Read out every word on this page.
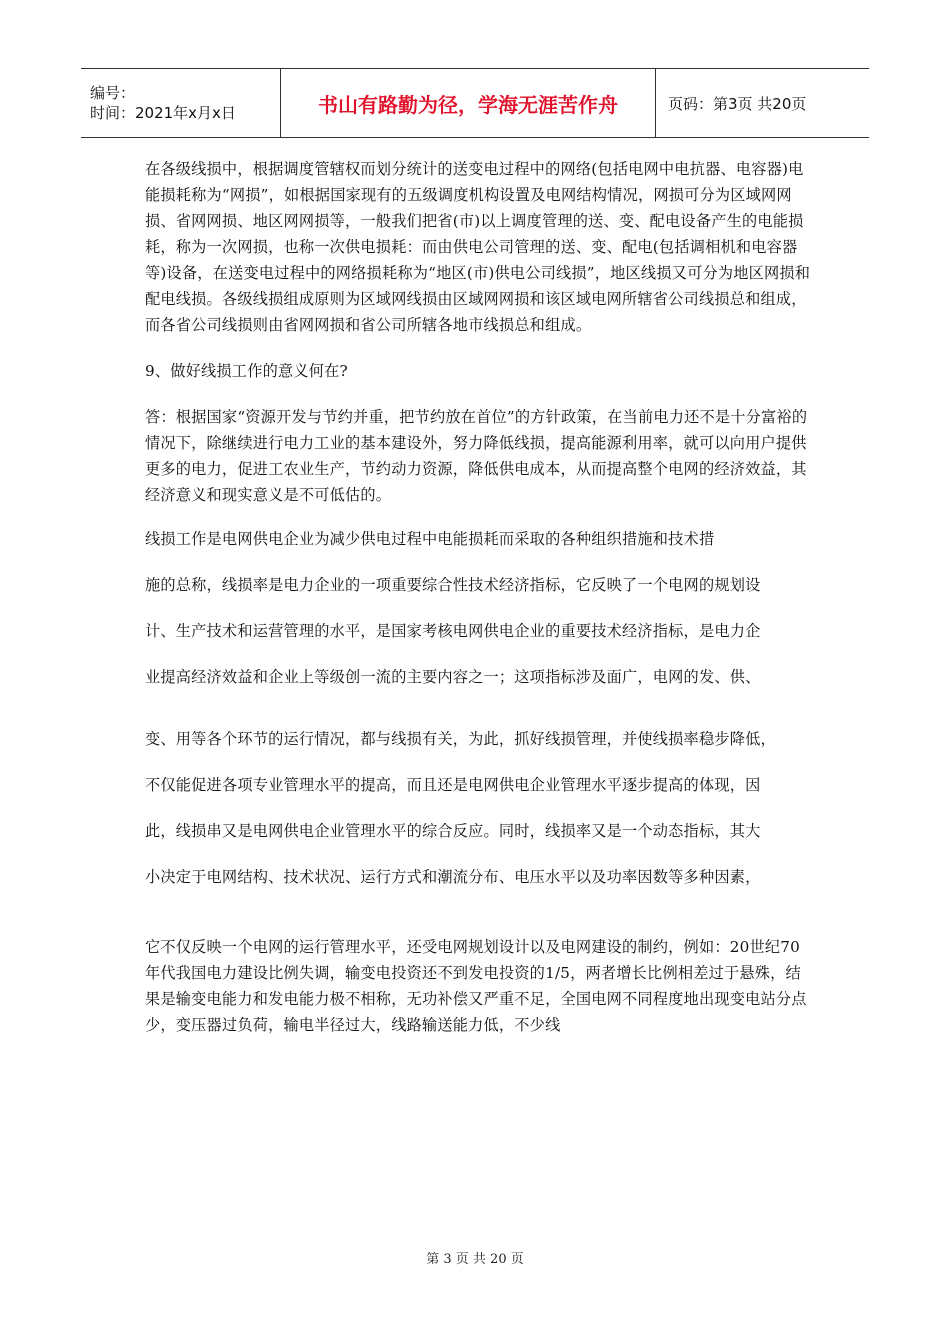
编号：
时间：2021年x月x日	书山有路勤为径，学海无涯苦作舟	页码：第3页 共20页

在各级线损中，根据调度管辖权而划分统计的送变电过程中的网络(包括电网中电抗器、电容器)电能损耗称为“网损”，如根据国家现有的五级调度机构设置及电网结构情况，网损可分为区域网网损、省网网损、地区网网损等，一般我们把省(市)以上调度管理的送、变、配电设备产生的电能损耗，称为一次网损，也称一次供电损耗：而由供电公司管理的送、变、配电(包括调相机和电容器等)设备，在送变电过程中的网络损耗称为“地区(市)供电公司线损”，地区线损又可分为地区网损和配电线损。各级线损组成原则为区域网线损由区域网网损和该区域电网所辖省公司线损总和组成，而各省公司线损则由省网网损和省公司所辖各地市线损总和组成。

9、做好线损工作的意义何在?

答：根据国家“资源开发与节约并重，把节约放在首位”的方针政策，在当前电力还不是十分富裕的情况下，除继续进行电力工业的基本建设外，努力降低线损，提高能源利用率，就可以向用户提供更多的电力，促进工农业生产，节约动力资源，降低供电成本，从而提高整个电网的经济效益，其经济意义和现实意义是不可低估的。

线损工作是电网供电企业为减少供电过程中电能损耗而采取的各种组织措施和技术措

施的总称，线损率是电力企业的一项重要综合性技术经济指标，它反映了一个电网的规划设

计、生产技术和运营管理的水平，是国家考核电网供电企业的重要技术经济指标，是电力企

业提高经济效益和企业上等级创一流的主要内容之一；这项指标涉及面广，电网的发、供、

变、用等各个环节的运行情况，都与线损有关，为此，抓好线损管理，并使线损率稳步降低，

不仅能促进各项专业管理水平的提高，而且还是电网供电企业管理水平逐步提高的体现，因

此，线损串又是电网供电企业管理水平的综合反应。同时，线损率又是一个动态指标，其大

小决定于电网结构、技术状况、运行方式和潮流分布、电压水平以及功率因数等多种因素，

它不仅反映一个电网的运行管理水平，还受电网规划设计以及电网建设的制约，例如：20世纪70年代我国电力建设比例失调，输变电投资还不到发电投资的1/5，两者增长比例相差过于悬殊，结果是输变电能力和发电能力极不相称，无功补偿又严重不足，全国电网不同程度地出现变电站分点少，变压器过负荷，输电半径过大，线路输送能力低，不少线

第 3 页 共 20 页
